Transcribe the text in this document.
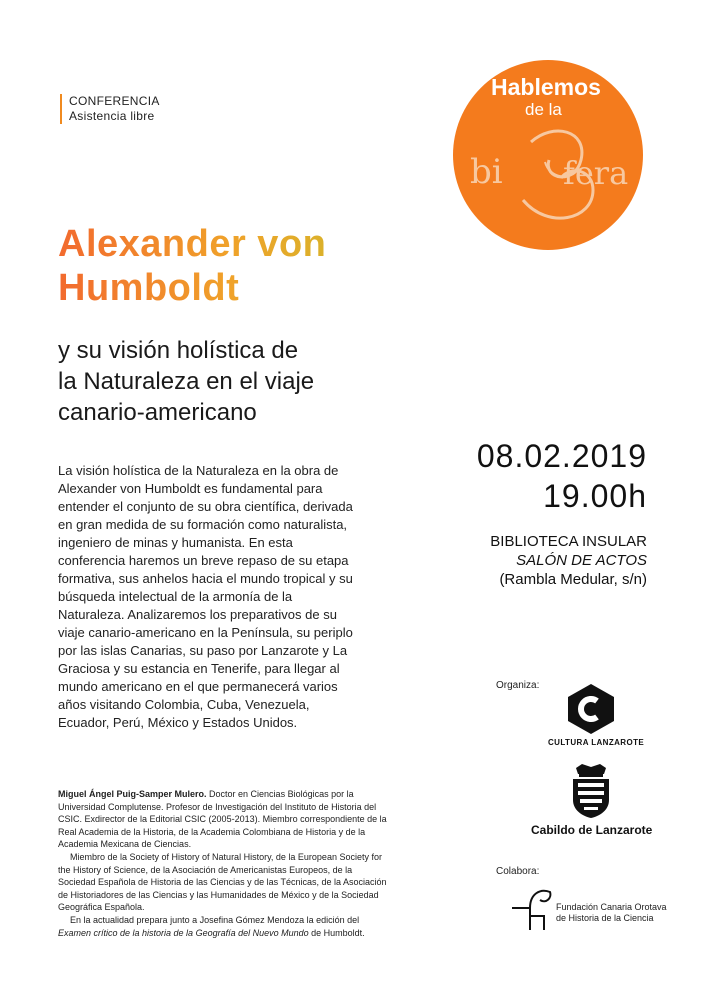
CONFERENCIA
Asistencia libre
Hablemos
de la
bi fera
Alexander von
Humboldt
y su visión holística de
la Naturaleza en el viaje
canario-americano
La visión holística de la Naturaleza en la obra de
Alexander von Humboldt es fundamental para
entender el conjunto de su obra científica, derivada
en gran medida de su formación como naturalista,
ingeniero de minas y humanista. En esta
conferencia haremos un breve repaso de su etapa
formativa, sus anhelos hacia el mundo tropical y su
búsqueda intelectual de la armonía de la
Naturaleza. Analizaremos los preparativos de su
viaje canario-americano en la Península, su periplo
por las islas Canarias, su paso por Lanzarote y La
Graciosa y su estancia en Tenerife, para llegar al
mundo americano en el que permanecerá varios
años visitando Colombia, Cuba, Venezuela,
Ecuador, Perú, México y Estados Unidos.
08.02.2019
19.00h
BIBLIOTECA INSULAR
SALÓN DE ACTOS
(Rambla Medular, s/n)
Organiza:
CULTURA LANZAROTE
Cabildo de Lanzarote
Colabora:
Fundación Canaria Orotava
de Historia de la Ciencia

Miguel Ángel Puig-Samper Mulero. Doctor en Ciencias Biológicas por la Universidad Complutense. Profesor de Investigación del Instituto de Historia del CSIC. Exdirector de la Editorial CSIC (2005-2013). Miembro correspondiente de la Real Academia de la Historia, de la Academia Colombiana de Historia y de la Academia Mexicana de Ciencias.

Miembro de la Society of History of Natural History, de la European Society for the History of Science, de la Asociación de Americanistas Europeos, de la Sociedad Española de Historia de las Ciencias y de las Técnicas, de la Asociación de Historiadores de las Ciencias y las Humanidades de México y de la Sociedad Geográfica Española.

En la actualidad prepara junto a Josefina Gómez Mendoza la edición del Examen crítico de la historia de la Geografía del Nuevo Mundo de Humboldt.
